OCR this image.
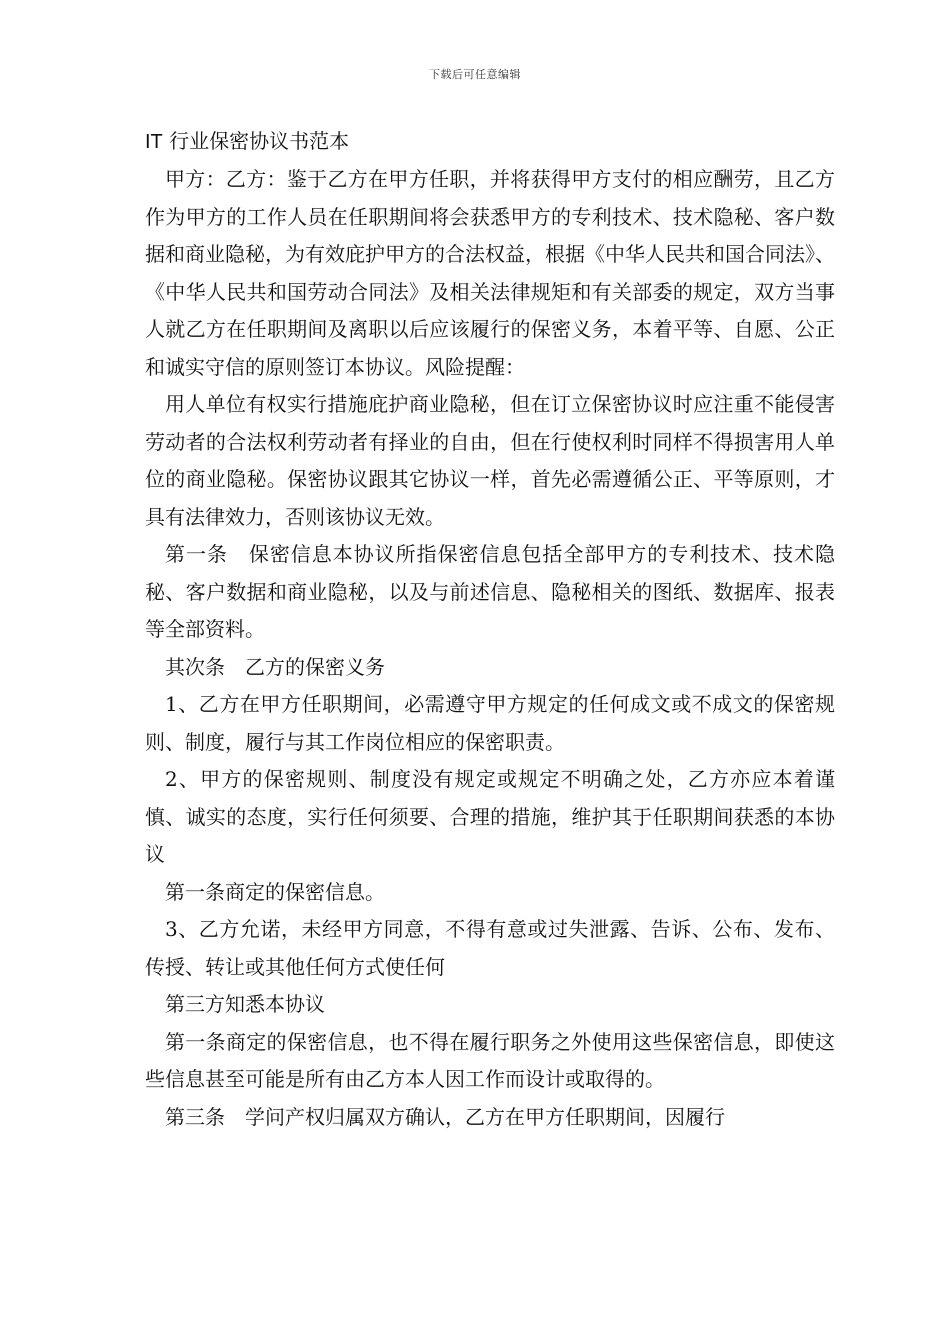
下载后可任意编辑
IT 行业保密协议书范本

甲方：乙方：鉴于乙方在甲方任职，并将获得甲方支付的相应酬劳，且乙方作为甲方的工作人员在任职期间将会获悉甲方的专利技术、技术隐秘、客户数据和商业隐秘，为有效庇护甲方的合法权益，根据《中华人民共和国合同法》、《中华人民共和国劳动合同法》及相关法律规矩和有关部委的规定，双方当事人就乙方在任职期间及离职以后应该履行的保密义务，本着平等、自愿、公正和诚实守信的原则签订本协议。风险提醒：

用人单位有权实行措施庇护商业隐秘，但在订立保密协议时应注重不能侵害劳动者的合法权利劳动者有择业的自由，但在行使权利时同样不得损害用人单位的商业隐秘。保密协议跟其它协议一样，首先必需遵循公正、平等原则，才具有法律效力，否则该协议无效。

第一条　保密信息本协议所指保密信息包括全部甲方的专利技术、技术隐秘、客户数据和商业隐秘，以及与前述信息、隐秘相关的图纸、数据库、报表等全部资料。

其次条　乙方的保密义务

1、乙方在甲方任职期间，必需遵守甲方规定的任何成文或不成文的保密规则、制度，履行与其工作岗位相应的保密职责。

2、甲方的保密规则、制度没有规定或规定不明确之处，乙方亦应本着谨慎、诚实的态度，实行任何须要、合理的措施，维护其于任职期间获悉的本协议

第一条商定的保密信息。

3、乙方允诺，未经甲方同意，不得有意或过失泄露、告诉、公布、发布、传授、转让或其他任何方式使任何

第三方知悉本协议

第一条商定的保密信息，也不得在履行职务之外使用这些保密信息，即使这些信息甚至可能是所有由乙方本人因工作而设计或取得的。

第三条　学问产权归属双方确认，乙方在甲方任职期间，因履行
